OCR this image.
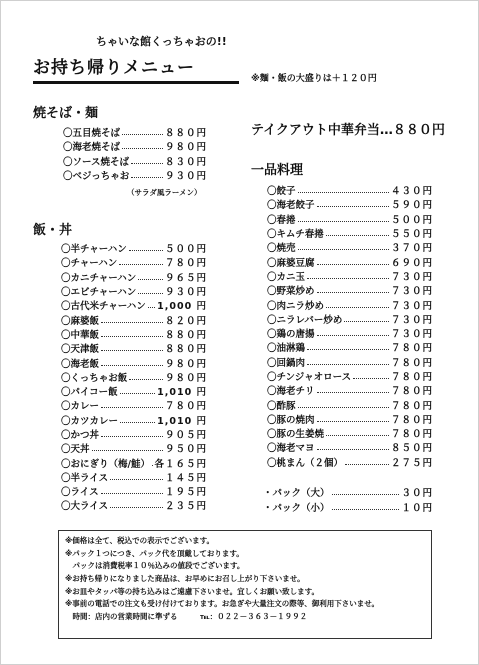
ちゃいな館くっちゃおの!!
お持ち帰りメニュー
※麺・飯の大盛りは＋１２０円
焼そば・麺
〇五目焼そば	８８０円
〇海老焼そば	９８０円
〇ソース焼そば	８３０円
〇ベジっちゃお	９３０円
（サラダ風ラーメン）
飯・丼
〇半チャーハン	５００円
〇チャーハン	７８０円
〇カニチャーハン	９６５円
〇エビチャーハン	９３０円
〇古代米チャーハン 1,000 円
〇麻婆飯	８２０円
〇中華飯	８８０円
〇天津飯	８８０円
〇海老飯	９８０円
〇くっちゃお飯	９８０円
〇パイコー飯	1,010 円
〇カレー	７８０円
〇カツカレー	1,010 円
〇かつ丼	９０５円
〇天丼	９５０円
〇おにぎり（梅/鮭） 各１６５円
〇半ライス	１４５円
〇ライス	１９５円
〇大ライス	２３５円
テイクアウト中華弁当…８８０円
一品料理
〇餃子	４３０円
〇海老餃子	５９０円
〇春捲	５００円
〇キムチ春捲	５５０円
〇焼売	３７０円
〇麻婆豆腐	６９０円
〇カニ玉	７３０円
〇野菜炒め	７３０円
〇肉ニラ炒め	７３０円
〇ニラレバー炒め	７３０円
〇鶏の唐揚	７３０円
〇油淋鶏	７８０円
〇回鍋肉	７８０円
〇チンジャオロース	７８０円
〇海老チリ	７８０円
〇酢豚	７８０円
〇豚の焼肉	７８０円
〇豚の生姜焼	７８０円
〇海老マヨ	８５０円
〇桃まん（２個）	２７５円
・パック（大）	３０円
・パック（小）	１０円
※価格は全て、税込での表示でございます。
※パック１つにつき、パック代を頂戴しております。
　パックは消費税率１０％込みの値段でございます。
※お持ち帰りになりました商品は、お早めにお召し上がり下さいませ。
※お皿やタッパ等の持ち込みはご遠慮下さいませ。宜しくお願い致します。
※事前の電話での注文も受け付けております。お急ぎや大量注文の際等、御利用下さいませ。
　時間：店内の営業時間に準ずる　　　℡：０２２－３６３－１９９２
